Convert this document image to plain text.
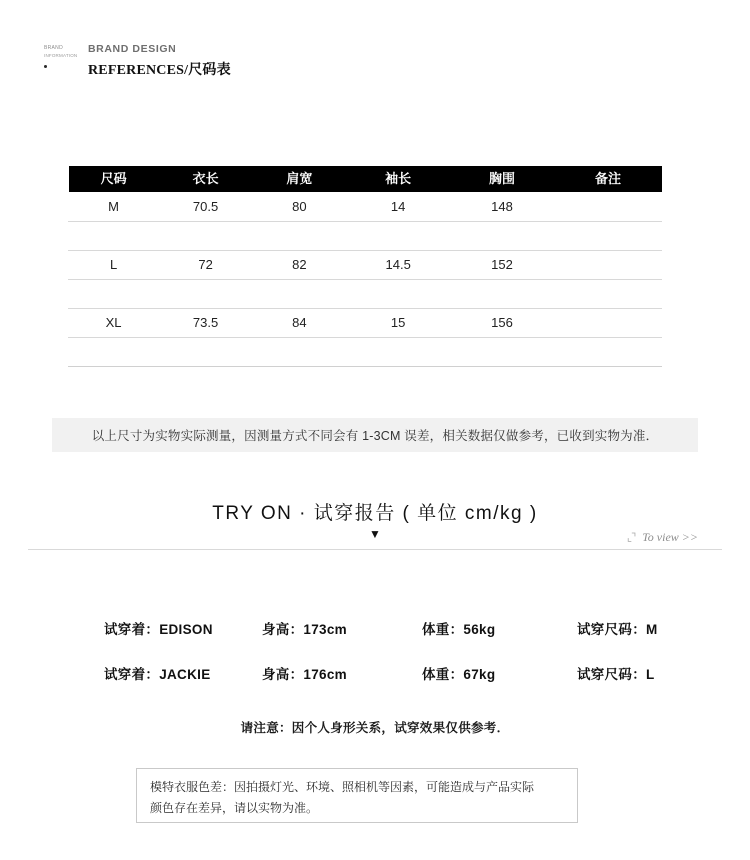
BRAND
INFORMATION
BRAND DESIGN
REFERENCES/尺码表
尺码	衣长	肩宽	袖长	胸围	备注
M	70.5	80	14	148	

L	72	82	14.5	152	

XL	73.5	84	15	156	

以上尺寸为实物实际测量，因测量方式不同会有 1-3CM 误差，相关数据仅做参考，已收到实物为准．
TRY ON · 试穿报告 ( 单位 cm/kg )
▼	⌞⌝ To view >>
试穿着：EDISON	身高：173cm	体重：56kg	试穿尺码：M
试穿着：JACKIE	身高：176cm	体重：67kg	试穿尺码：L
请注意：因个人身形关系，试穿效果仅供参考．
模特衣服色差：因拍摄灯光、环境、照相机等因素，可能造成与产品实际
颜色存在差异，请以实物为准。
